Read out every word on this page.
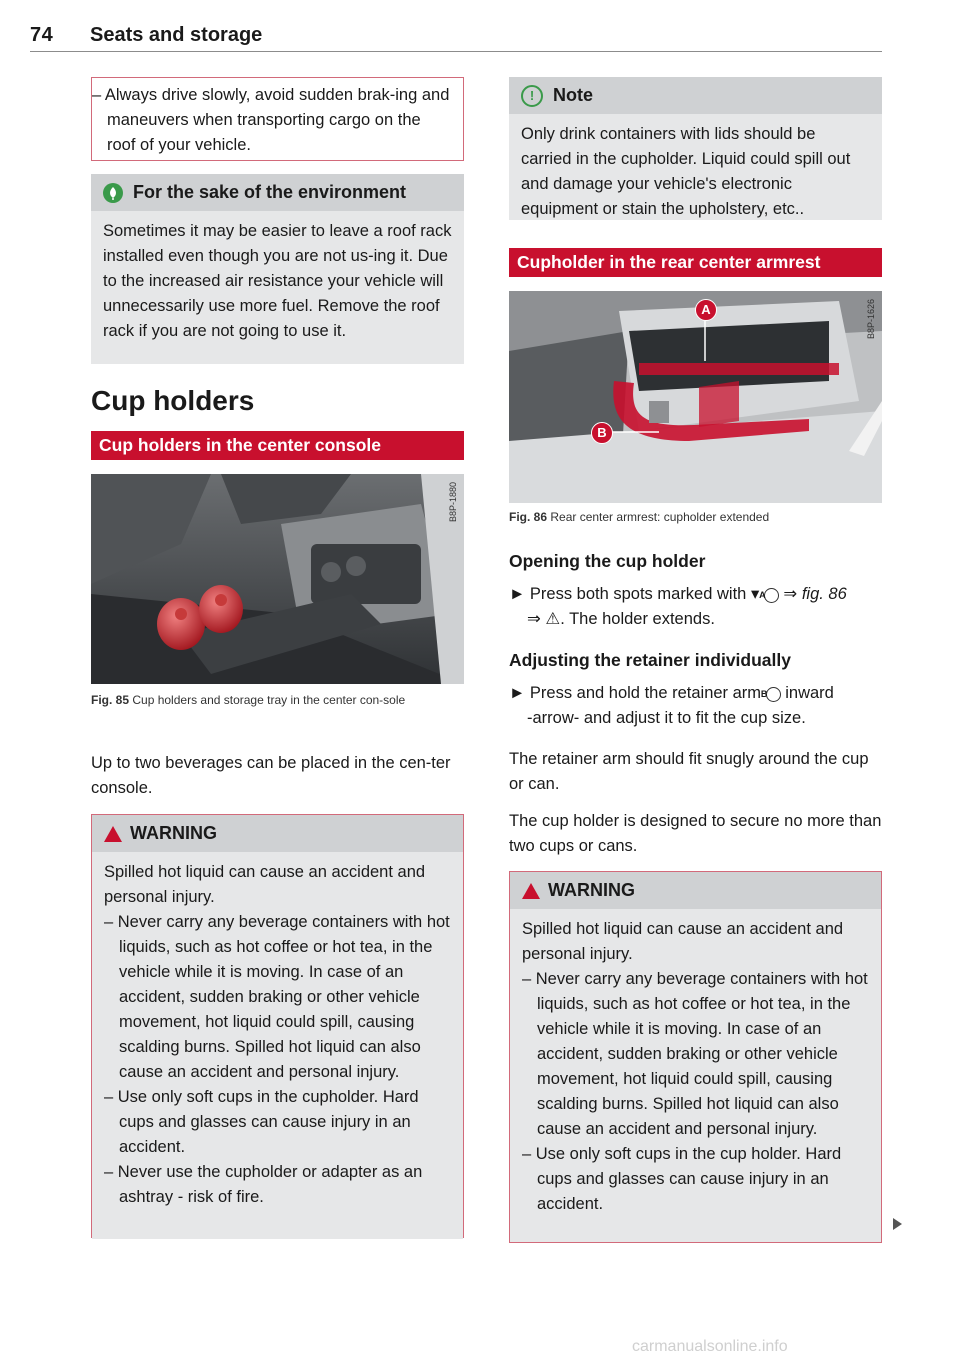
74 Seats and storage
– Always drive slowly, avoid sudden brak-ing and maneuvers when transporting cargo on the roof of your vehicle.
For the sake of the environment
Sometimes it may be easier to leave a roof rack installed even though you are not us-ing it. Due to the increased air resistance your vehicle will unnecessarily use more fuel. Remove the roof rack if you are not going to use it.
Cup holders
Cup holders in the center console
B8P-1880
Fig. 85 Cup holders and storage tray in the center con-sole
Up to two beverages can be placed in the cen-ter console.
WARNING
Spilled hot liquid can cause an accident and personal injury.
– Never carry any beverage containers with hot liquids, such as hot coffee or hot tea, in the vehicle while it is moving. In case of an accident, sudden braking or other vehicle movement, hot liquid could spill, causing scalding burns. Spilled hot liquid can also cause an accident and personal injury.
– Use only soft cups in the cupholder. Hard cups and glasses can cause injury in an accident.
– Never use the cupholder or adapter as an ashtray - risk of fire.
!	Note
Only drink containers with lids should be carried in the cupholder. Liquid could spill out and damage your vehicle's electronic equipment or stain the upholstery, etc..
Cupholder in the rear center armrest
A
B
B8P-1626
Fig. 86 Rear center armrest: cupholder extended
Opening the cup holder
► Press both spots marked with ▾ A ⇒ fig. 86
⇒ ⚠. The holder extends.
Adjusting the retainer individually
► Press and hold the retainer arm B inward
-arrow- and adjust it to fit the cup size.
The retainer arm should fit snugly around the cup or can.
The cup holder is designed to secure no more than two cups or cans.
WARNING
Spilled hot liquid can cause an accident and personal injury.
– Never carry any beverage containers with hot liquids, such as hot coffee or hot tea, in the vehicle while it is moving. In case of an accident, sudden braking or other vehicle movement, hot liquid could spill, causing scalding burns. Spilled hot liquid can also cause an accident and personal injury.
– Use only soft cups in the cup holder. Hard cups and glasses can cause injury in an accident.
carmanualsonline.info
